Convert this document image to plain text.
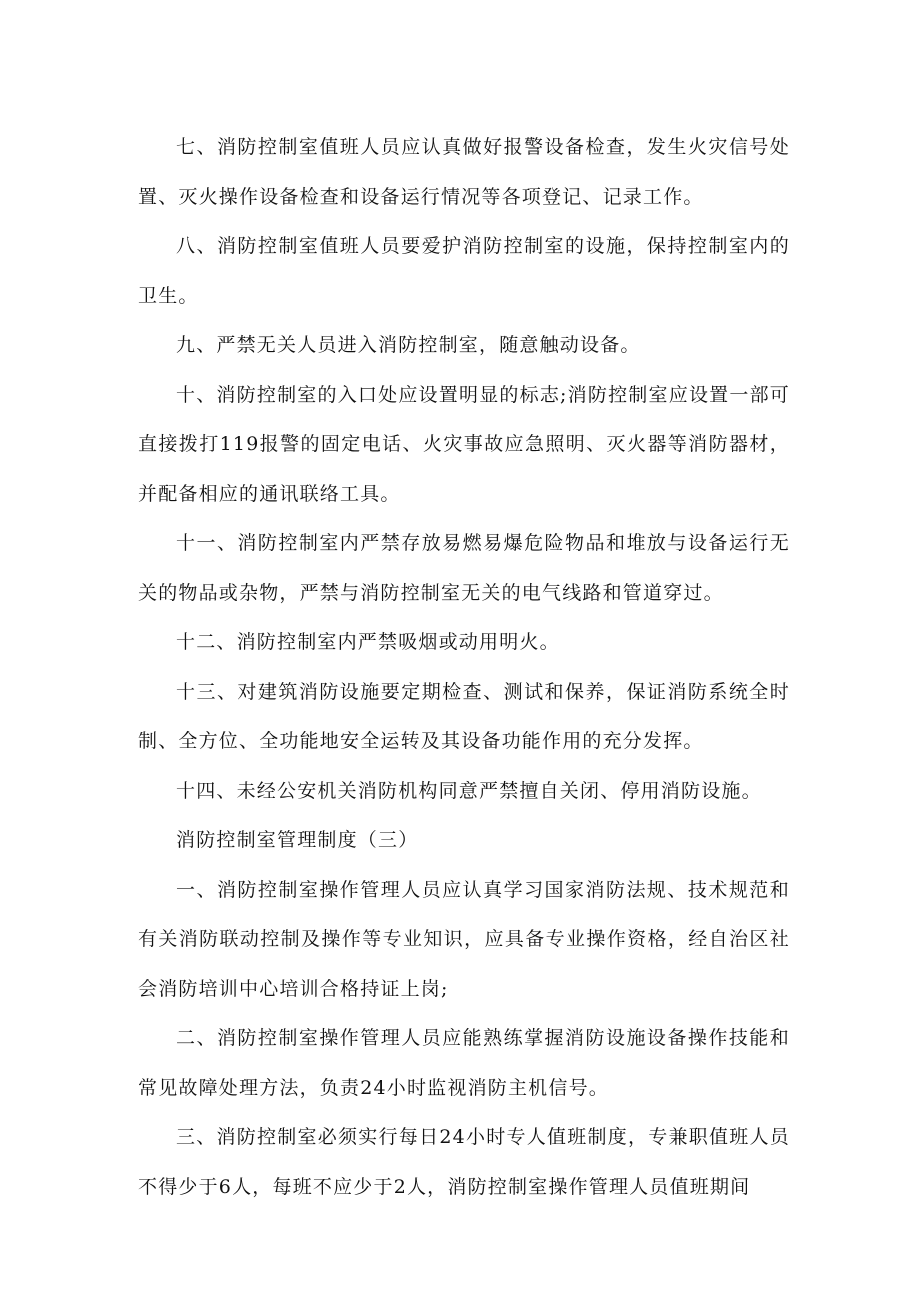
七、消防控制室值班人员应认真做好报警设备检查，发生火灾信号处置、灭火操作设备检查和设备运行情况等各项登记、记录工作。

八、消防控制室值班人员要爱护消防控制室的设施，保持控制室内的卫生。

九、严禁无关人员进入消防控制室，随意触动设备。

十、消防控制室的入口处应设置明显的标志;消防控制室应设置一部可直接拨打119报警的固定电话、火灾事故应急照明、灭火器等消防器材，并配备相应的通讯联络工具。

十一、消防控制室内严禁存放易燃易爆危险物品和堆放与设备运行无关的物品或杂物，严禁与消防控制室无关的电气线路和管道穿过。

十二、消防控制室内严禁吸烟或动用明火。

十三、对建筑消防设施要定期检查、测试和保养，保证消防系统全时制、全方位、全功能地安全运转及其设备功能作用的充分发挥。

十四、未经公安机关消防机构同意严禁擅自关闭、停用消防设施。

消防控制室管理制度（三）

一、消防控制室操作管理人员应认真学习国家消防法规、技术规范和有关消防联动控制及操作等专业知识，应具备专业操作资格，经自治区社会消防培训中心培训合格持证上岗;

二、消防控制室操作管理人员应能熟练掌握消防设施设备操作技能和常见故障处理方法，负责24小时监视消防主机信号。

三、消防控制室必须实行每日24小时专人值班制度，专兼职值班人员不得少于6人，每班不应少于2人，消防控制室操作管理人员值班期间
